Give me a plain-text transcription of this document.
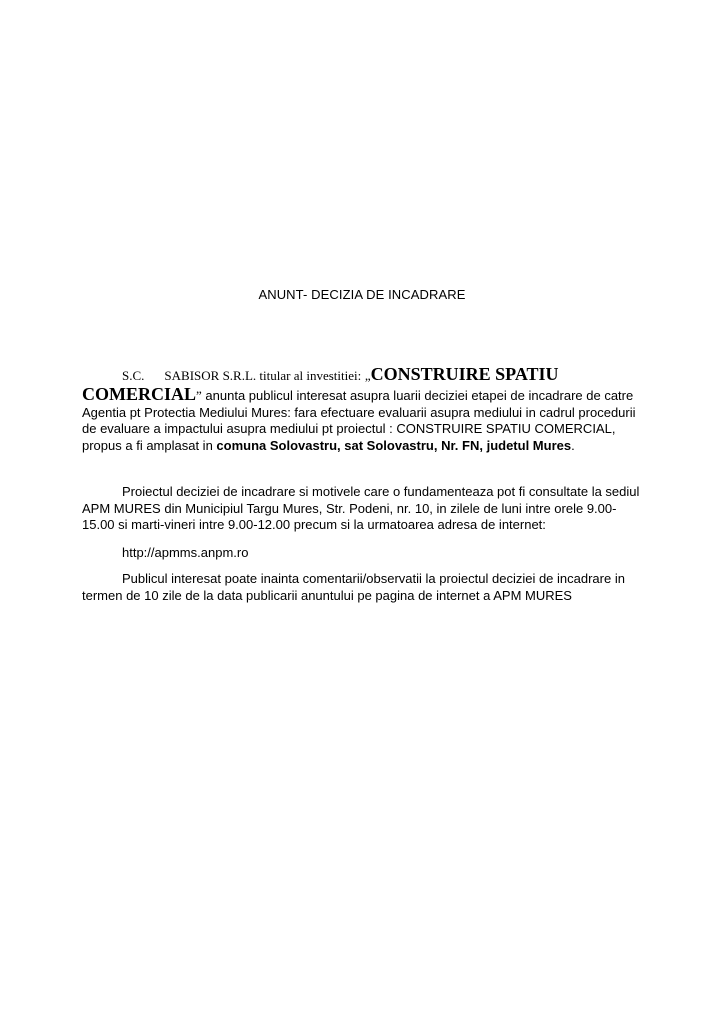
ANUNT- DECIZIA DE INCADRARE
S.C. SABISOR S.R.L. titular al investitiei: „CONSTRUIRE SPATIU
COMERCIAL” anunta publicul interesat asupra luarii deciziei etapei de incadrare de catre Agentia pt Protectia Mediului Mures: fara efectuare evaluarii asupra mediului in cadrul procedurii de evaluare a impactului asupra mediului pt proiectul : CONSTRUIRE SPATIU COMERCIAL, propus a fi amplasat in comuna Solovastru, sat Solovastru, Nr. FN, judetul Mures.
Proiectul deciziei de incadrare si motivele care o fundamenteaza pot fi consultate la sediul APM MURES din Municipiul Targu Mures, Str. Podeni, nr. 10, in zilele de luni intre orele 9.00-15.00 si marti-vineri intre 9.00-12.00 precum si la urmatoarea adresa de internet:
http://apmms.anpm.ro
Publicul interesat poate inainta comentarii/observatii la proiectul deciziei de incadrare in termen de 10 zile de la data publicarii anuntului pe pagina de internet a APM MURES
